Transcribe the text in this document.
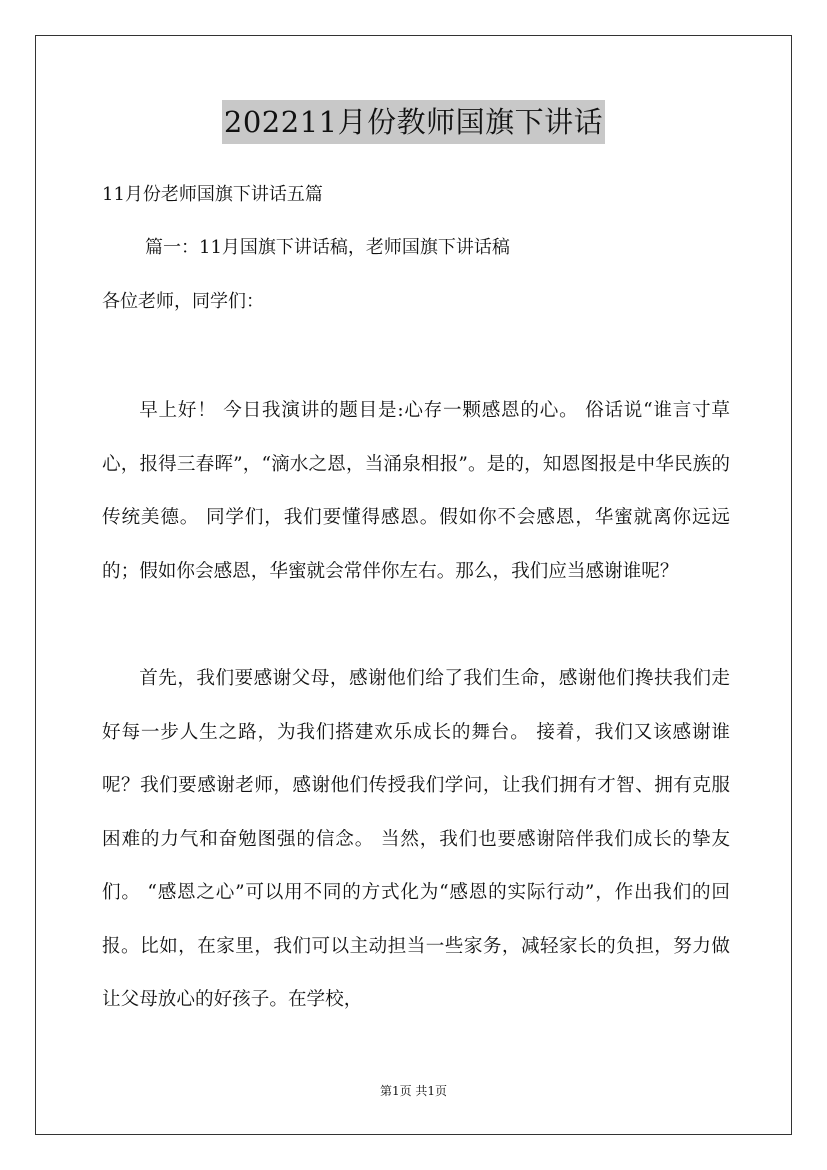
202211月份教师国旗下讲话
11月份老师国旗下讲话五篇
篇一：11月国旗下讲话稿，老师国旗下讲话稿
各位老师，同学们：

早上好！ 今日我演讲的题目是:心存一颗感恩的心。 俗话说“谁言寸草心，报得三春晖”，“滴水之恩，当涌泉相报”。是的，知恩图报是中华民族的传统美德。 同学们，我们要懂得感恩。假如你不会感恩，华蜜就离你远远的；假如你会感恩，华蜜就会常伴你左右。那么，我们应当感谢谁呢？

首先，我们要感谢父母，感谢他们给了我们生命，感谢他们搀扶我们走好每一步人生之路，为我们搭建欢乐成长的舞台。 接着，我们又该感谢谁呢？我们要感谢老师，感谢他们传授我们学问，让我们拥有才智、拥有克服困难的力气和奋勉图强的信念。 当然，我们也要感谢陪伴我们成长的挚友们。 “感恩之心”可以用不同的方式化为“感恩的实际行动”，作出我们的回报。比如，在家里，我们可以主动担当一些家务，减轻家长的负担，努力做让父母放心的好孩子。在学校，

第1页 共1页
